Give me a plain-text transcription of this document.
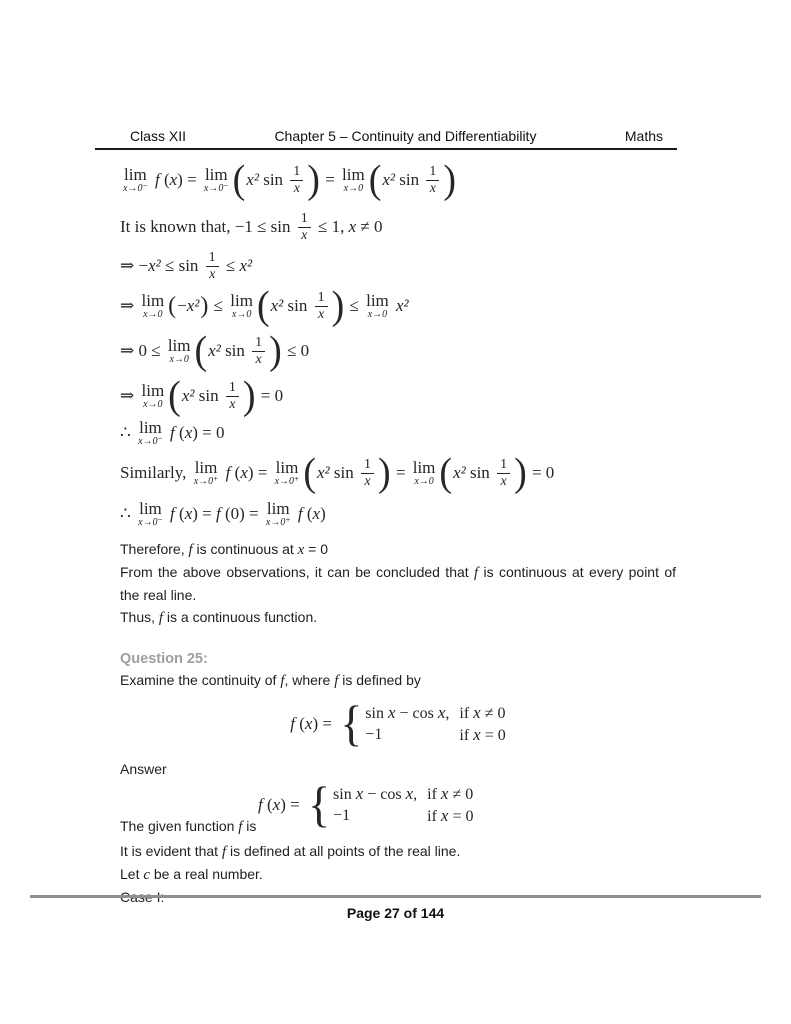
Class XII	Chapter 5 – Continuity and Differentiability	Maths
lim
x→0⁻
f ( x ) = lim
x→0⁻ ( x² $\sin \frac{1}{x}$ ) = lim
x→0 ( x² $\sin \frac{1}{x}$ )
It is known that, $-1 \le \sin \frac{1}{x} \le 1$, x ≠ 0
⇒ − $x^2 \le \sin \frac{1}{x} \le x^2$
⇒ lim
x→0 ( − x² ) ≤ lim
x→0 ( x² $\sin \frac{1}{x}$ ) ≤ lim
x→0
x²
⇒ 0 ≤ lim
x→0 ( x² $\sin \frac{1}{x}$ ) ≤ 0
⇒ lim
x→0 ( x² $\sin \frac{1}{x}$ ) = 0
∴ lim
x→0⁻
f ( x ) = 0
Similarly, lim
x→0⁺
f ( x ) = lim
x→0⁺ ( x² $\sin \frac{1}{x}$ ) = lim
x→0 ( x² $\sin \frac{1}{x}$ ) = 0
∴ lim
x→0⁻
f ( x ) = f (0) = lim
x→0⁺
f ( x )

Therefore, f is continuous at x = 0

From the above observations, it can be concluded that f is continuous at every point of the real line.

Thus, f is a continuous function.

Question 25:

Examine the continuity of f, where f is defined by

f ( x ) = { sin x − cos x, if x ≠ 0
−1	if x = 0

Answer

f ( x ) = { sin x − cos x, if x ≠ 0
−1	if x = 0
The given function f is

It is evident that f is defined at all points of the real line.

Let c be a real number.

Case I:

Page 27 of 144
